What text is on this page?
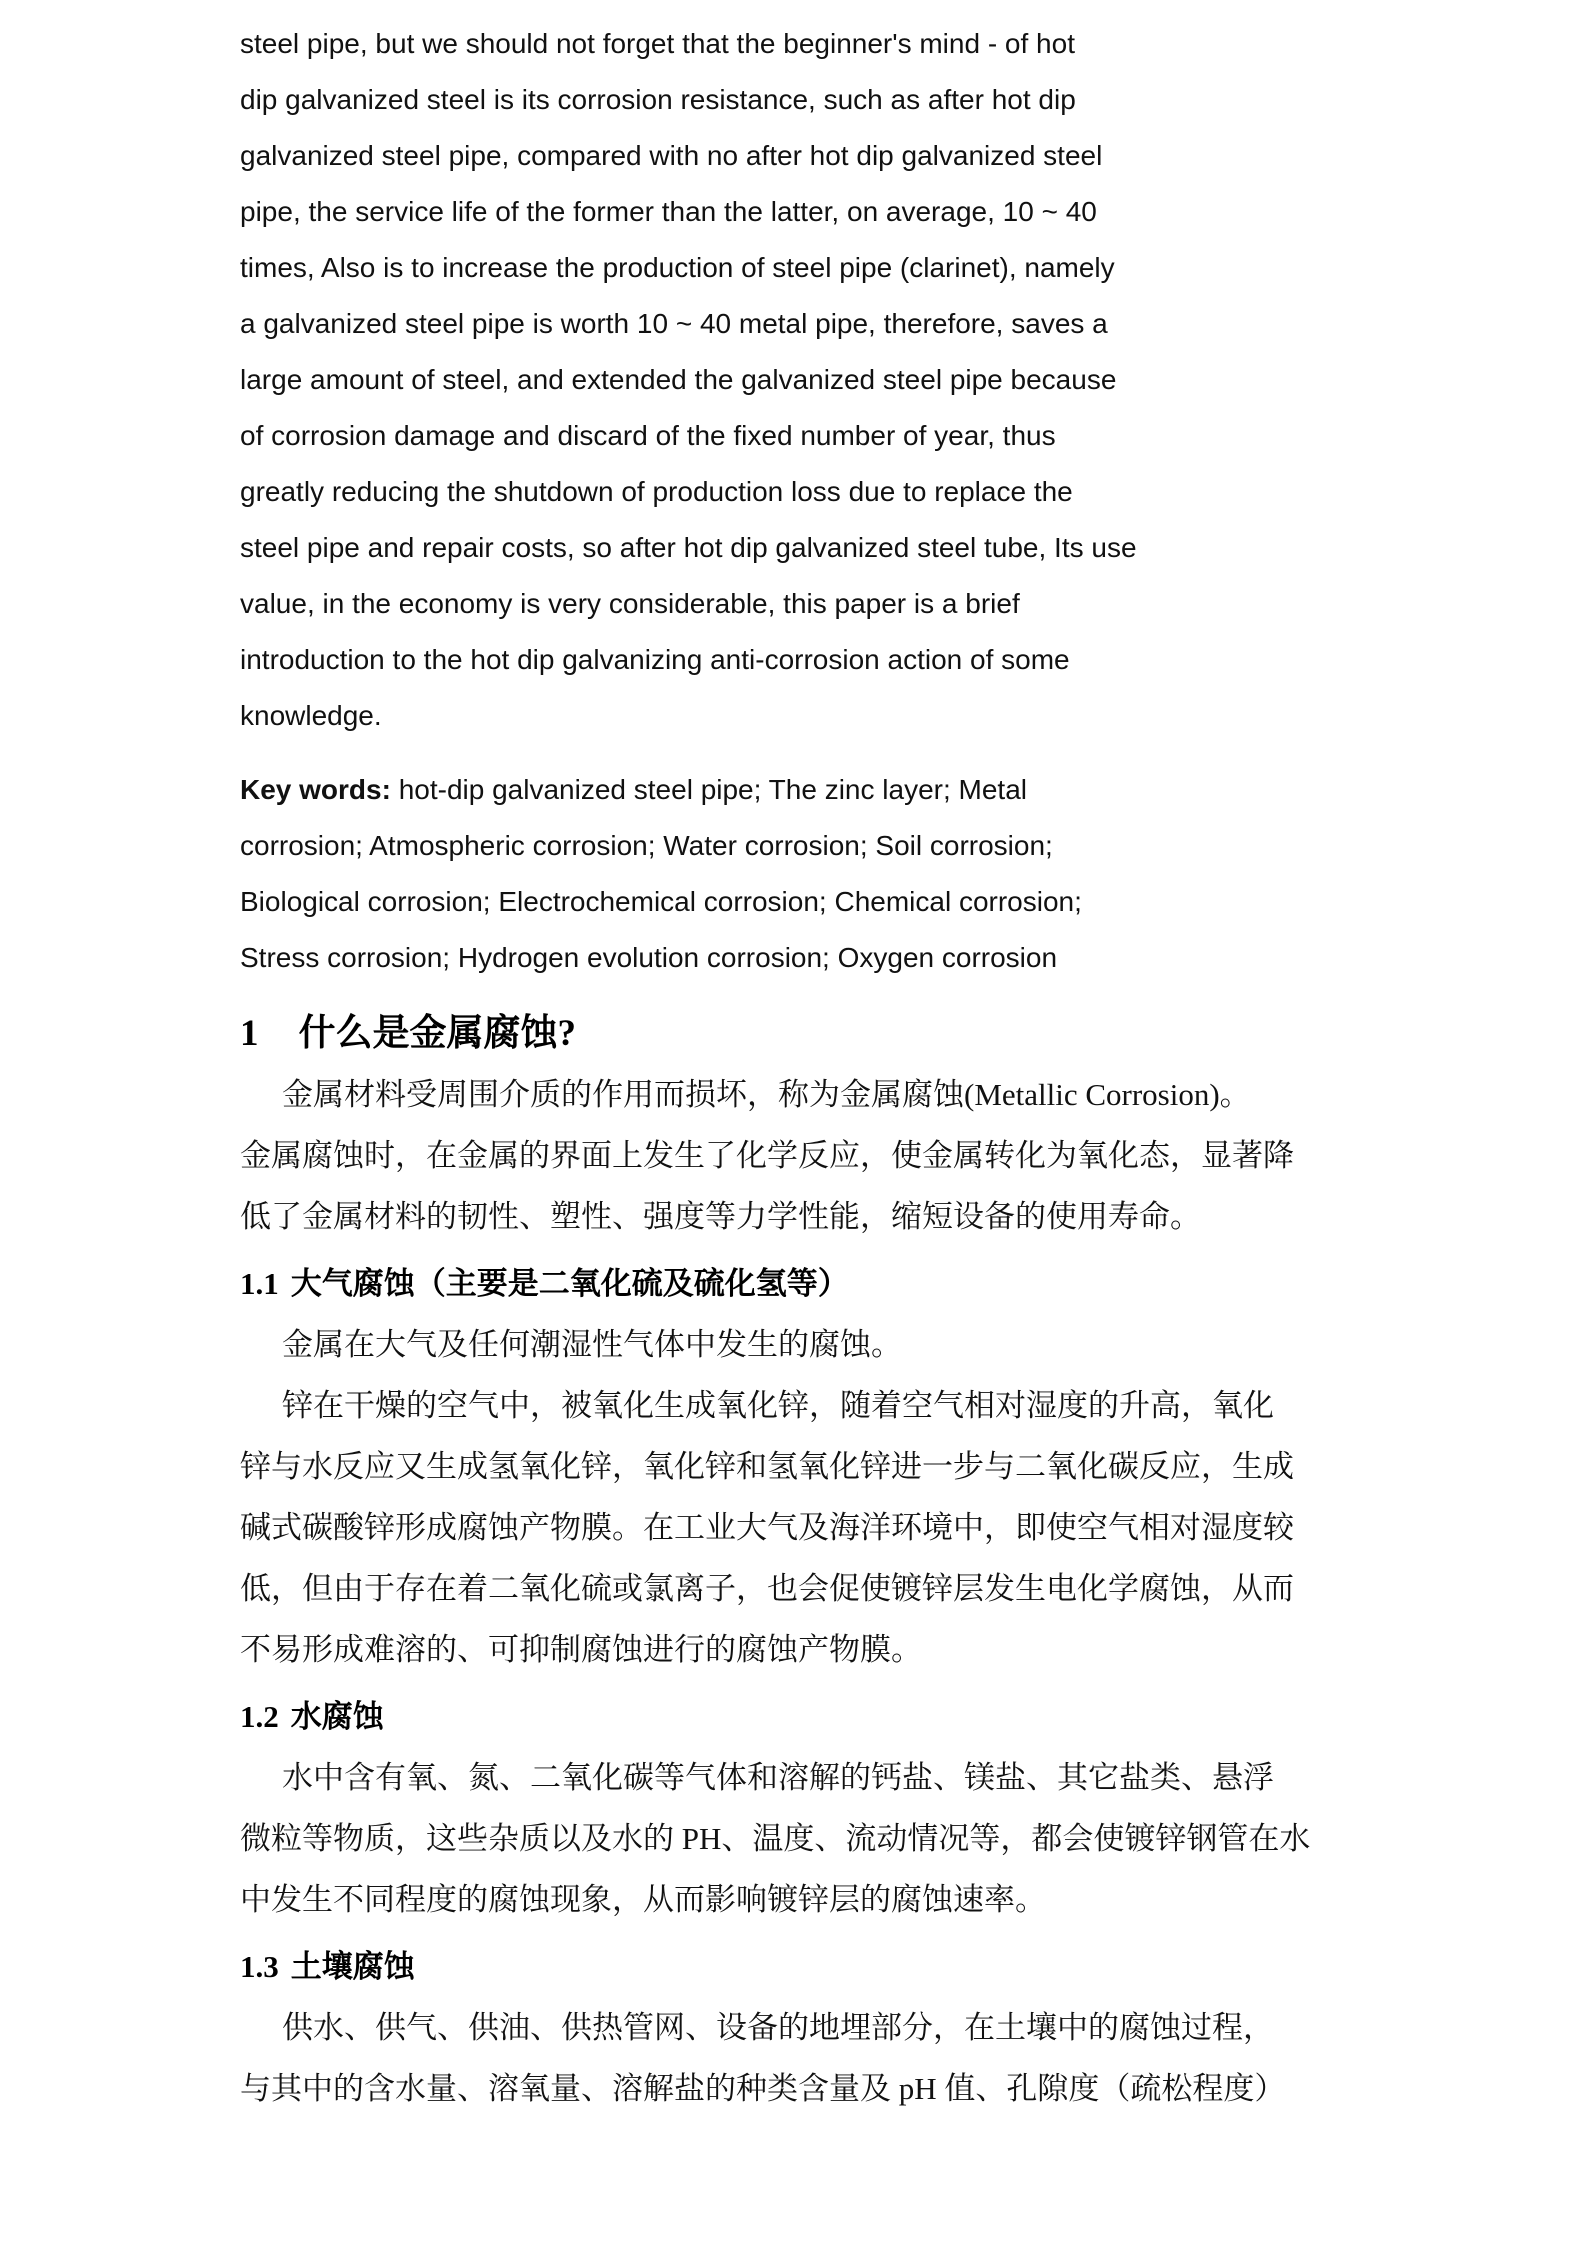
steel pipe, but we should not forget that the beginner's mind - of hot
dip galvanized steel is its corrosion resistance, such as after hot dip
galvanized steel pipe, compared with no after hot dip galvanized steel
pipe, the service life of the former than the latter, on average, 10 ~ 40
times, Also is to increase the production of steel pipe (clarinet), namely
a galvanized steel pipe is worth 10 ~ 40 metal pipe, therefore, saves a
large amount of steel, and extended the galvanized steel pipe because
of corrosion damage and discard of the fixed number of year, thus
greatly reducing the shutdown of production loss due to replace the
steel pipe and repair costs, so after hot dip galvanized steel tube, Its use
value, in the economy is very considerable, this paper is a brief
introduction to the hot dip galvanizing anti-corrosion action of some
knowledge.
Key words: hot-dip galvanized steel pipe; The zinc layer; Metal
corrosion; Atmospheric corrosion; Water corrosion; Soil corrosion;
Biological corrosion; Electrochemical corrosion; Chemical corrosion;
Stress corrosion; Hydrogen evolution corrosion; Oxygen corrosion
1 什么是金属腐蚀?
金属材料受周围介质的作用而损坏，称为金属腐蚀(Metallic Corrosion)。
金属腐蚀时，在金属的界面上发生了化学反应，使金属转化为氧化态，显著降
低了金属材料的韧性、塑性、强度等力学性能，缩短设备的使用寿命。
1.1 大气腐蚀（主要是二氧化硫及硫化氢等）
金属在大气及任何潮湿性气体中发生的腐蚀。
锌在干燥的空气中，被氧化生成氧化锌，随着空气相对湿度的升高，氧化
锌与水反应又生成氢氧化锌，氧化锌和氢氧化锌进一步与二氧化碳反应，生成
碱式碳酸锌形成腐蚀产物膜。在工业大气及海洋环境中，即使空气相对湿度较
低，但由于存在着二氧化硫或氯离子，也会促使镀锌层发生电化学腐蚀，从而
不易形成难溶的、可抑制腐蚀进行的腐蚀产物膜。
1.2 水腐蚀
水中含有氧、氮、二氧化碳等气体和溶解的钙盐、镁盐、其它盐类、悬浮
微粒等物质，这些杂质以及水的 PH、温度、流动情况等，都会使镀锌钢管在水
中发生不同程度的腐蚀现象，从而影响镀锌层的腐蚀速率。
1.3 土壤腐蚀
供水、供气、供油、供热管网、设备的地埋部分，在土壤中的腐蚀过程，
与其中的含水量、溶氧量、溶解盐的种类含量及 pH 值、孔隙度（疏松程度）
